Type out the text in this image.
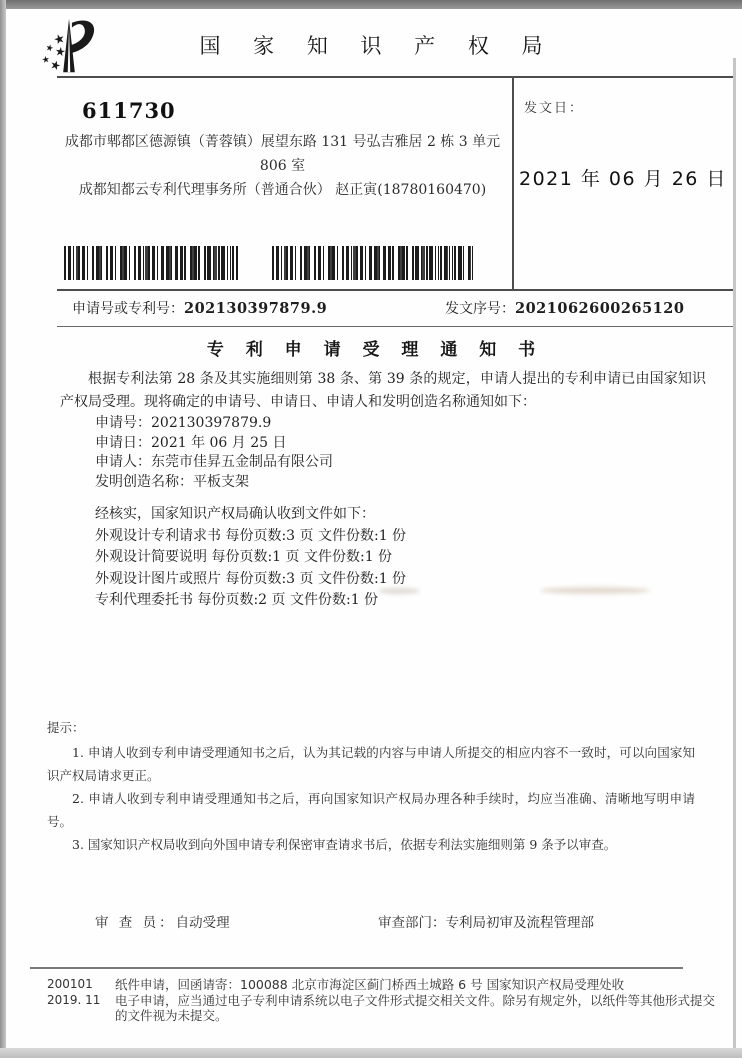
国 家 知 识 产 权 局
611730
成都市郫都区德源镇（菁蓉镇）展望东路 131 号弘吉雅居 2 栋 3 单元
806 室
成都知都云专利代理事务所（普通合伙） 赵正寅(18780160470)
发文日：
2021 年 06 月 26 日
申请号或专利号：202130397879.9	发文序号：2021062600265120
专 利 申 请 受 理 通 知 书
根据专利法第 28 条及其实施细则第 38 条、第 39 条的规定，申请人提出的专利申请已由国家知识产权局受理。现将确定的申请号、申请日、申请人和发明创造名称通知如下：
申请号：202130397879.9
申请日：2021 年 06 月 25 日
申请人：东莞市佳昇五金制品有限公司
发明创造名称：平板支架
经核实，国家知识产权局确认收到文件如下：
外观设计专利请求书 每份页数:3 页 文件份数:1 份
外观设计简要说明 每份页数:1 页 文件份数:1 份
外观设计图片或照片 每份页数:3 页 文件份数:1 份
专利代理委托书 每份页数:2 页 文件份数:1 份
提示：
1. 申请人收到专利申请受理通知书之后，认为其记载的内容与申请人所提交的相应内容不一致时，可以向国家知识产权局请求更正。
2. 申请人收到专利申请受理通知书之后，再向国家知识产权局办理各种手续时，均应当准确、清晰地写明申请号。
3. 国家知识产权局收到向外国申请专利保密审查请求书后，依据专利法实施细则第 9 条予以审查。
审 查 员：自动受理	审查部门：专利局初审及流程管理部
200101
2019. 11
纸件申请，回函请寄：100088 北京市海淀区蓟门桥西土城路 6 号 国家知识产权局受理处收
电子申请，应当通过电子专利申请系统以电子文件形式提交相关文件。除另有规定外，以纸件等其他形式提交的文件视为未提交。
